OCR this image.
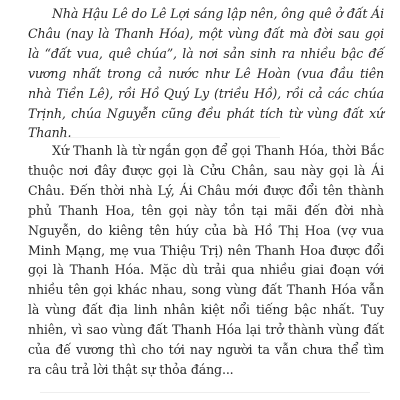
Nhà Hậu Lê do Lê Lợi sáng lập nên, ông quê ở đất Ái Châu (nay là Thanh Hóa), một vùng đất mà đời sau gọi là “đất vua, quê chúa”, là nơi sản sinh ra nhiều bậc đế vương nhất trong cả nước như Lê Hoàn (vua đầu tiên nhà Tiền Lê), rồi Hồ Quý Ly (triều Hồ), rồi cả các chúa Trịnh, chúa Nguyễn cũng đều phát tích từ vùng đất xứ Thanh.

Xứ Thanh là từ ngắn gọn để gọi Thanh Hóa, thời Bắc thuộc nơi đây được gọi là Cửu Chân, sau này gọi là Ái Châu. Đến thời nhà Lý, Ái Châu mới được đổi tên thành phủ Thanh Hoa, tên gọi này tồn tại mãi đến đời nhà Nguyễn, do kiêng tên húy của bà Hồ Thị Hoa (vợ vua Minh Mạng, mẹ vua Thiệu Trị) nên Thanh Hoa được đổi gọi là Thanh Hóa. Mặc dù trải qua nhiều giai đoạn với nhiều tên gọi khác nhau, song vùng đất Thanh Hóa vẫn là vùng đất địa linh nhân kiệt nổi tiếng bậc nhất. Tuy nhiên, vì sao vùng đất Thanh Hóa lại trở thành vùng đất của đế vương thì cho tới nay người ta vẫn chưa thể tìm ra câu trả lời thật sự thỏa đáng...
